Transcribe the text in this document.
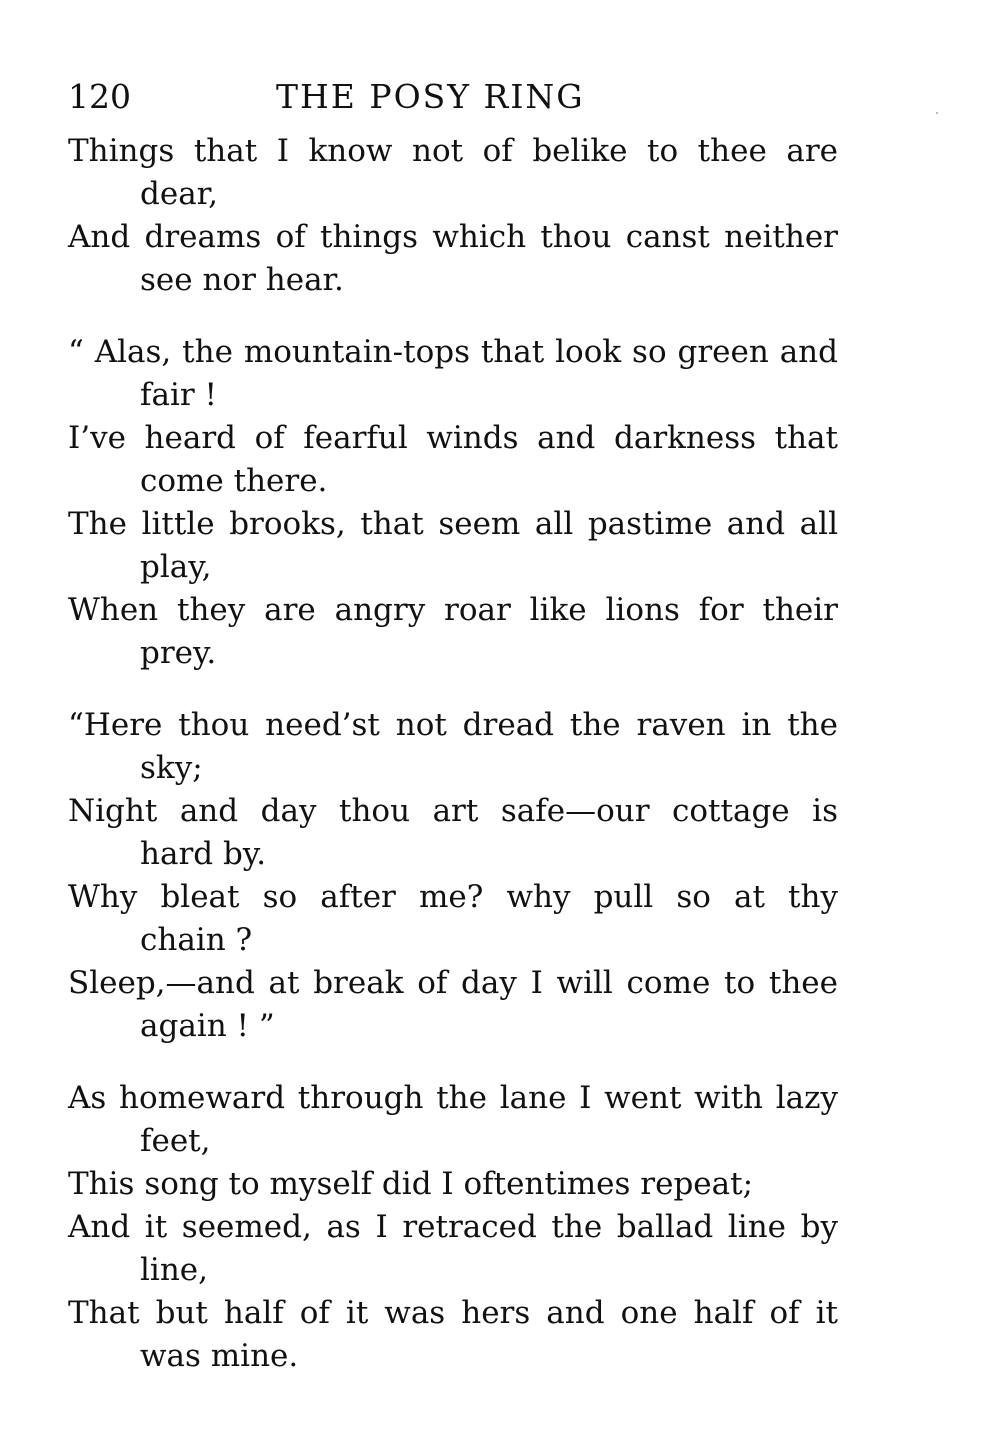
120	THE POSY RING
Things that I know not of belike to thee are dear,
And dreams of things which thou canst neither
see nor hear.
“ Alas, the mountain-tops that look so green and
fair !
I’ve heard of fearful winds and darkness that
come there.
The little brooks, that seem all pastime and all
play,
When they are angry roar like lions for their
prey.
“Here thou need’st not dread the raven in the sky;
Night and day thou art safe—our cottage is
hard by.
Why bleat so after me? why pull so at thy
chain ?
Sleep,—and at break of day I will come to thee
again ! ”
As homeward through the lane I went with lazy
feet,
This song to myself did I oftentimes repeat;
And it seemed, as I retraced the ballad line by
line,
That but half of it was hers and one half of it
was mine.
